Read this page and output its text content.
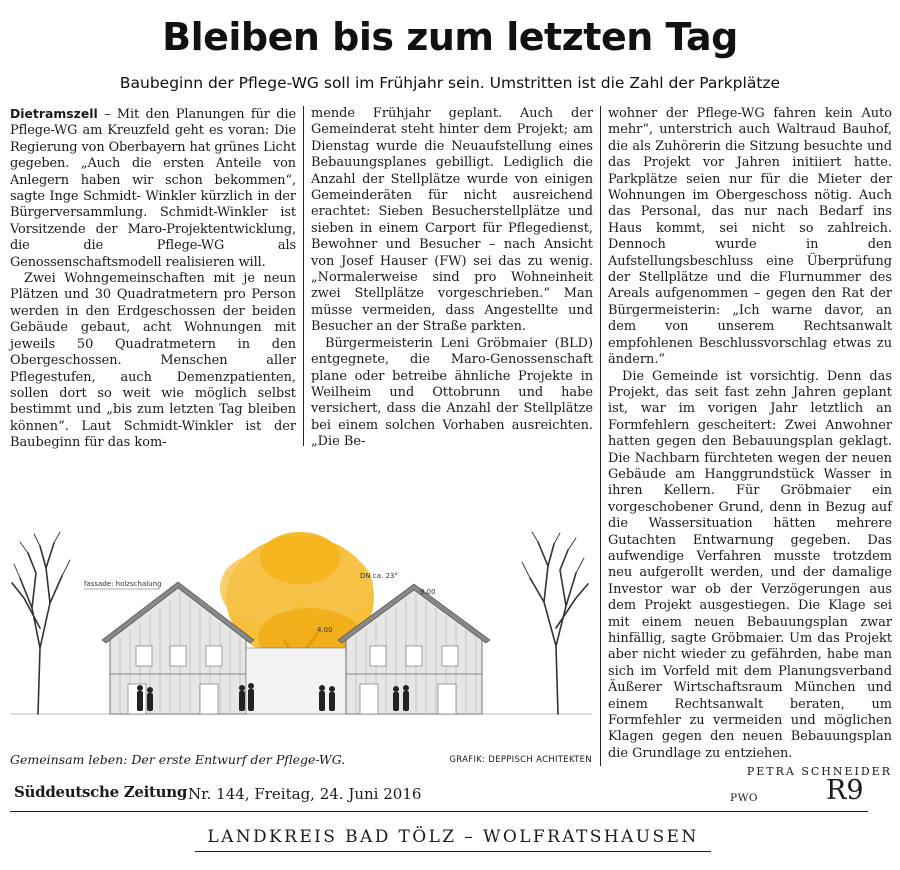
Bleiben bis zum letzten Tag

Baubeginn der Pflege-WG soll im Frühjahr sein. Umstritten ist die Zahl der Parkplätze

Dietramszell – Mit den Planungen für die Pflege-WG am Kreuzfeld geht es voran: Die Regierung von Oberbayern hat grünes Licht gegeben. „Auch die ersten Anteile von Anlegern haben wir schon bekommen“, sagte Inge Schmidt- Winkler kürzlich in der Bürgerversammlung. Schmidt-Winkler ist Vorsitzende der Maro-Projektentwicklung, die die Pflege-WG als Genossenschaftsmodell realisieren will.

Zwei Wohngemeinschaften mit je neun Plätzen und 30 Quadratmetern pro Person werden in den Erdgeschossen der beiden Gebäude gebaut, acht Wohnungen mit jeweils 50 Quadratmetern in den Obergeschossen. Menschen aller Pflegestufen, auch Demenzpatienten, sollen dort so weit wie möglich selbst bestimmt und „bis zum letzten Tag bleiben können“. Laut Schmidt-Winkler ist der Baubeginn für das kom-

mende Frühjahr geplant. Auch der Gemeinderat steht hinter dem Projekt; am Dienstag wurde die Neuaufstellung eines Bebauungsplanes gebilligt. Lediglich die Anzahl der Stellplätze wurde von einigen Gemeinderäten für nicht ausreichend erachtet: Sieben Besucherstellplätze und sieben in einem Carport für Pflegedienst, Bewohner und Besucher – nach Ansicht von Josef Hauser (FW) sei das zu wenig. „Normalerweise sind pro Wohneinheit zwei Stellplätze vorgeschrieben.“ Man müsse vermeiden, dass Angestellte und Besucher an der Straße parkten.

Bürgermeisterin Leni Gröbmaier (BLD) entgegnete, die Maro-Genossenschaft plane oder betreibe ähnliche Projekte in Weilheim und Ottobrunn und habe versichert, dass die Anzahl der Stellplätze bei einem solchen Vorhaben ausreichten. „Die Be-

wohner der Pflege-WG fahren kein Auto mehr“, unterstrich auch Waltraud Bauhof, die als Zuhörerin die Sitzung besuchte und das Projekt vor Jahren initiiert hatte. Parkplätze seien nur für die Mieter der Wohnungen im Obergeschoss nötig. Auch das Personal, das nur nach Bedarf ins Haus kommt, sei nicht so zahlreich. Dennoch wurde in den Aufstellungsbeschluss eine Überprüfung der Stellplätze und die Flurnummer des Areals aufgenommen – gegen den Rat der Bürgermeisterin: „Ich warne davor, an dem von unserem Rechtsanwalt empfohlenen Beschlussvorschlag etwas zu ändern.“

Die Gemeinde ist vorsichtig. Denn das Projekt, das seit fast zehn Jahren geplant ist, war im vorigen Jahr letztlich an Formfehlern gescheitert: Zwei Anwohner hatten gegen den Bebauungsplan geklagt. Die Nachbarn fürchteten wegen der neuen Gebäude am Hanggrundstück Wasser in ihren Kellern. Für Gröbmaier ein vorgeschobener Grund, denn in Bezug auf die Wassersituation hätten mehrere Gutachten Entwarnung gegeben. Das aufwendige Verfahren musste trotzdem neu aufgerollt werden, und der damalige Investor war ob der Verzögerungen aus dem Projekt ausgestiegen. Die Klage sei mit einem neuen Bebauungsplan zwar hinfällig, sagte Gröbmaier. Um das Projekt aber nicht wieder zu gefährden, habe man sich im Vorfeld mit dem Planungsverband Äußerer Wirtschaftsraum München und einem Rechtsanwalt beraten, um Formfehler zu vermeiden und möglichen Klagen gegen den neuen Bebauungsplan die Grundlage zu entziehen.

PETRA SCHNEIDER
fassade: holzschalung
DN ca. 23°
9.00
4.00
Gemeinsam leben: Der erste Entwurf der Pflege-WG.	GRAFIK: DEPPISCH ACHITEKTEN
Süddeutsche Zeitung Nr. 144, Freitag, 24. Juni 2016	PWO	R9
LANDKREIS BAD TÖLZ – WOLFRATSHAUSEN
